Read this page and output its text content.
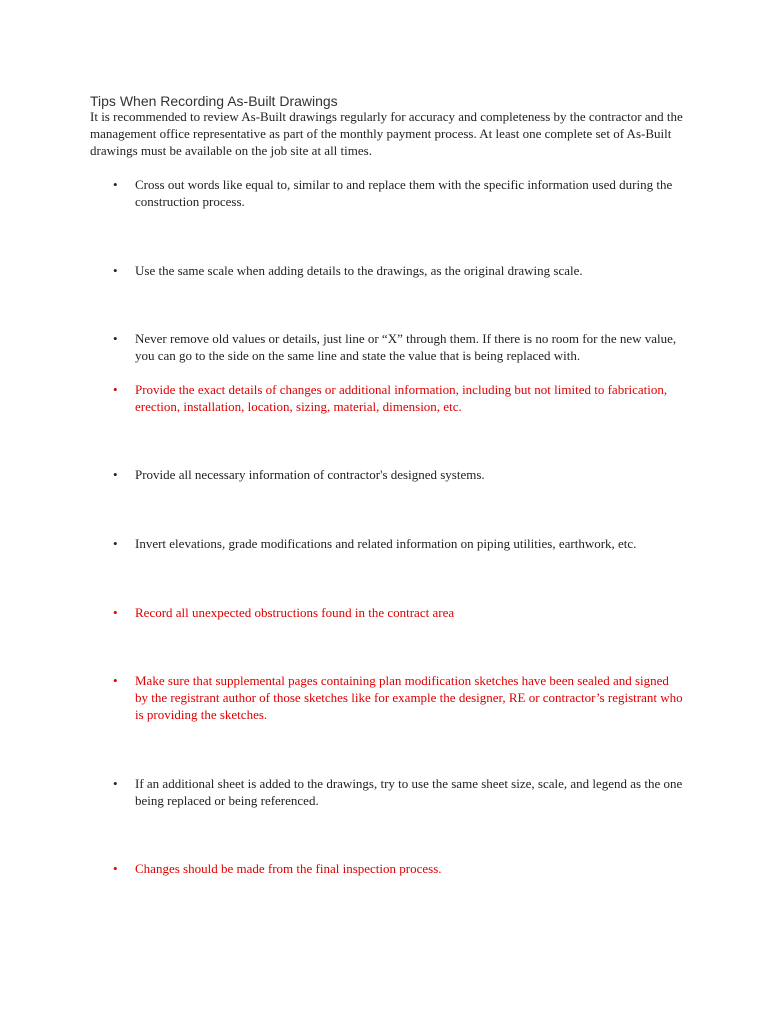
Tips When Recording As-Built Drawings

It is recommended to review As-Built drawings regularly for accuracy and completeness by the contractor and the management office representative as part of the monthly payment process. At least one complete set of As-Built drawings must be available on the job site at all times.

•	Cross out words like equal to, similar to and replace them with the specific information used during the construction process.
•	Use the same scale when adding details to the drawings, as the original drawing scale.
•	Never remove old values or details, just line or “X” through them. If there is no room for the new value, you can go to the side on the same line and state the value that is being replaced with.
•	Provide the exact details of changes or additional information, including but not limited to fabrication, erection, installation, location, sizing, material, dimension, etc.
•	Provide all necessary information of contractor's designed systems.
•	Invert elevations, grade modifications and related information on piping utilities, earthwork, etc.
•	Record all unexpected obstructions found in the contract area
•	Make sure that supplemental pages containing plan modification sketches have been sealed and signed by the registrant author of those sketches like for example the designer, RE or contractor’s registrant who is providing the sketches.
•	If an additional sheet is added to the drawings, try to use the same sheet size, scale, and legend as the one being replaced or being referenced.
•	Changes should be made from the final inspection process.
